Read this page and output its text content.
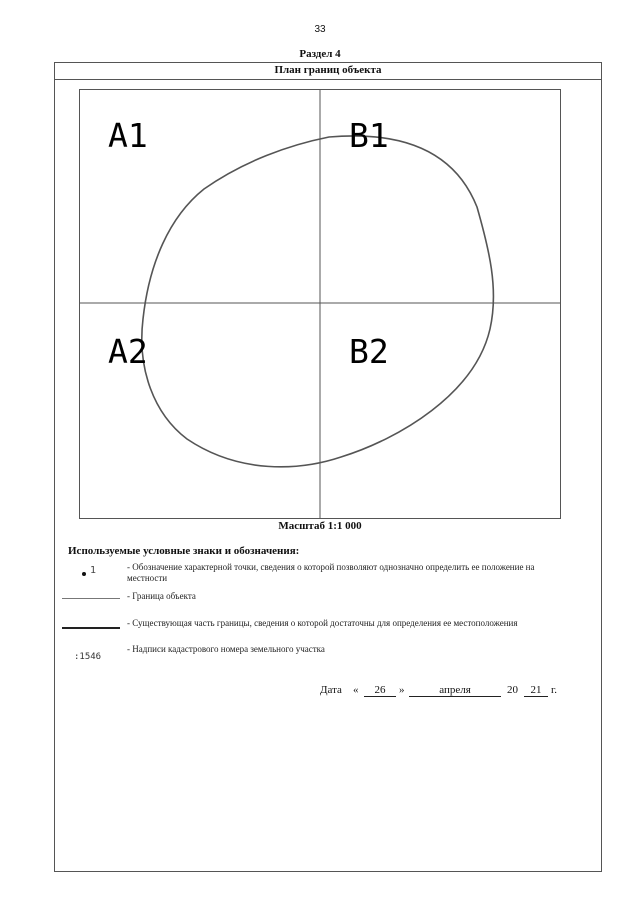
33
Раздел 4
План границ объекта
A1	B1
A2	B2
Масштаб 1:1 000
Используемые условные знаки и обозначения:
1	- Обозначение характерной точки, сведения о которой позволяют однозначно определить ее положение на местности
- Граница объекта
- Существующая часть границы, сведения о которой достаточны для определения ее местоположения
:1546
- Надписи кадастрового номера земельного участка
Дата «	26	»	апреля	20	21 г.
